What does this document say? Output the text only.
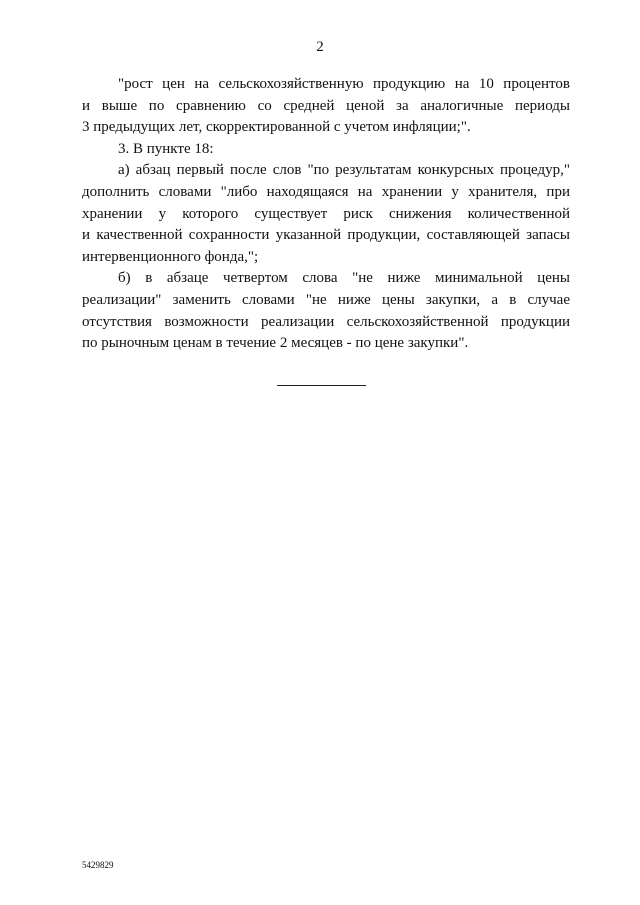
2
"рост цен на сельскохозяйственную продукцию на 10 процентов
и выше по сравнению со средней ценой за аналогичные периоды
3 предыдущих лет, скорректированной с учетом инфляции;".
3. В пункте 18:
а) абзац первый после слов "по результатам конкурсных процедур,"
дополнить словами "либо находящаяся на хранении у хранителя, при
хранении у которого существует риск снижения количественной
и качественной сохранности указанной продукции, составляющей запасы
интервенционного фонда,";
б) в абзаце четвертом слова "не ниже минимальной цены
реализации" заменить словами "не ниже цены закупки, а в случае
отсутствия возможности реализации сельскохозяйственной продукции
по рыночным ценам в течение 2 месяцев - по цене закупки".
5429829
